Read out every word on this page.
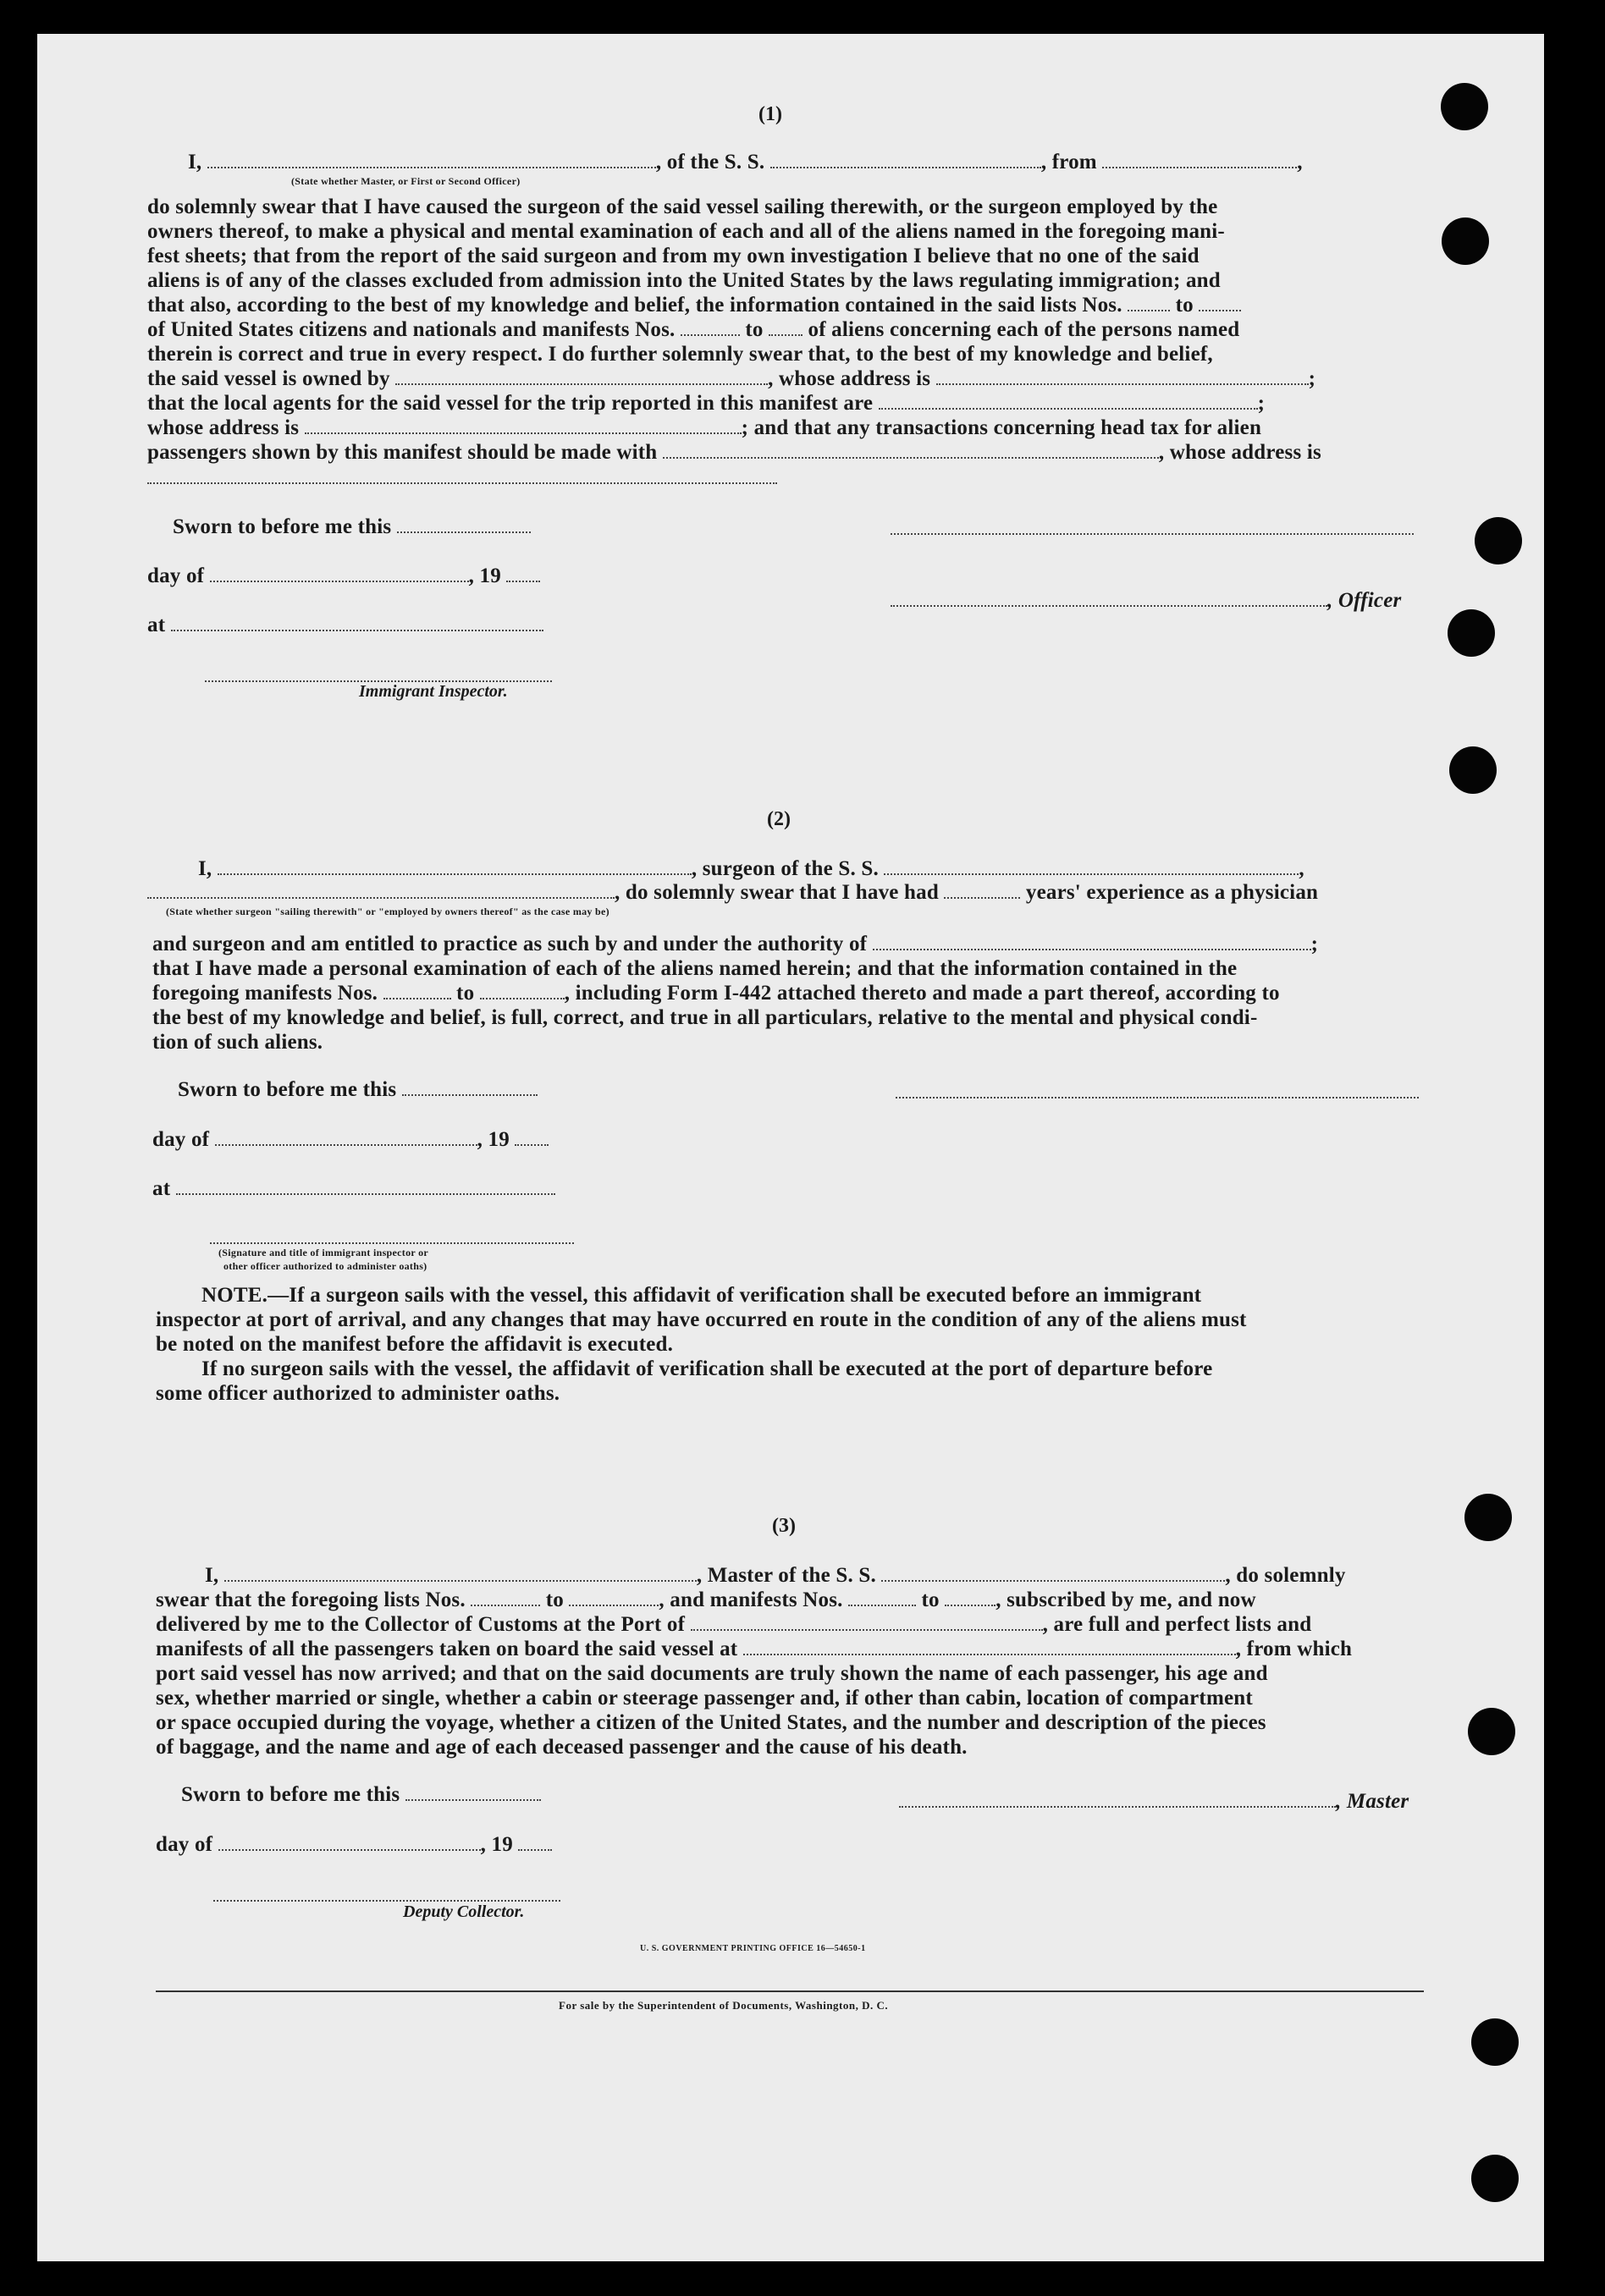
(1)
I,	, of the S. S.	, from	,
(State whether Master, or First or Second Officer)
do solemnly swear that I have caused the surgeon of the said vessel sailing therewith, or the surgeon employed by the
owners thereof, to make a physical and mental examination of each and all of the aliens named in the foregoing mani-
fest sheets; that from the report of the said surgeon and from my own investigation I believe that no one of the said
aliens is of any of the classes excluded from admission into the United States by the laws regulating immigration; and
that also, according to the best of my knowledge and belief, the information contained in the said lists Nos.	to
of United States citizens and nationals and manifests Nos.	to of aliens concerning each of the persons named
therein is correct and true in every respect. I do further solemnly swear that, to the best of my knowledge and belief,
the said vessel is owned by	, whose address is	;
that the local agents for the said vessel for the trip reported in this manifest are	;
whose address is	; and that any transactions concerning head tax for alien
passengers shown by this manifest should be made with	, whose address is
Sworn to before me this
day of	, 19
, Officer
at
Immigrant Inspector.
(2)
I,	, surgeon of the S. S.	,
, do solemnly swear that I have had	years' experience as a physician
(State whether surgeon "sailing therewith" or "employed by owners thereof" as the case may be)
and surgeon and am entitled to practice as such by and under the authority of	;
that I have made a personal examination of each of the aliens named herein; and that the information contained in the
foregoing manifests Nos.	to	, including Form I-442 attached thereto and made a part thereof, according to
the best of my knowledge and belief, is full, correct, and true in all particulars, relative to the mental and physical condi-
tion of such aliens.
Sworn to before me this
day of	, 19
at
(Signature and title of immigrant inspector or
other officer authorized to administer oaths)
NOTE.—If a surgeon sails with the vessel, this affidavit of verification shall be executed before an immigrant
inspector at port of arrival, and any changes that may have occurred en route in the condition of any of the aliens must
be noted on the manifest before the affidavit is executed.
If no surgeon sails with the vessel, the affidavit of verification shall be executed at the port of departure before
some officer authorized to administer oaths.
(3)
I,	, Master of the S. S.	, do solemnly
swear that the foregoing lists Nos.	to	, and manifests Nos.	to	, subscribed by me, and now
delivered by me to the Collector of Customs at the Port of	, are full and perfect lists and
manifests of all the passengers taken on board the said vessel at	, from which
port said vessel has now arrived; and that on the said documents are truly shown the name of each passenger, his age and
sex, whether married or single, whether a cabin or steerage passenger and, if other than cabin, location of compartment
or space occupied during the voyage, whether a citizen of the United States, and the number and description of the pieces
of baggage, and the name and age of each deceased passenger and the cause of his death.
Sworn to before me this	, Master
day of	, 19
Deputy Collector.
U. S. GOVERNMENT PRINTING OFFICE 16—54650-1
For sale by the Superintendent of Documents, Washington, D. C.
